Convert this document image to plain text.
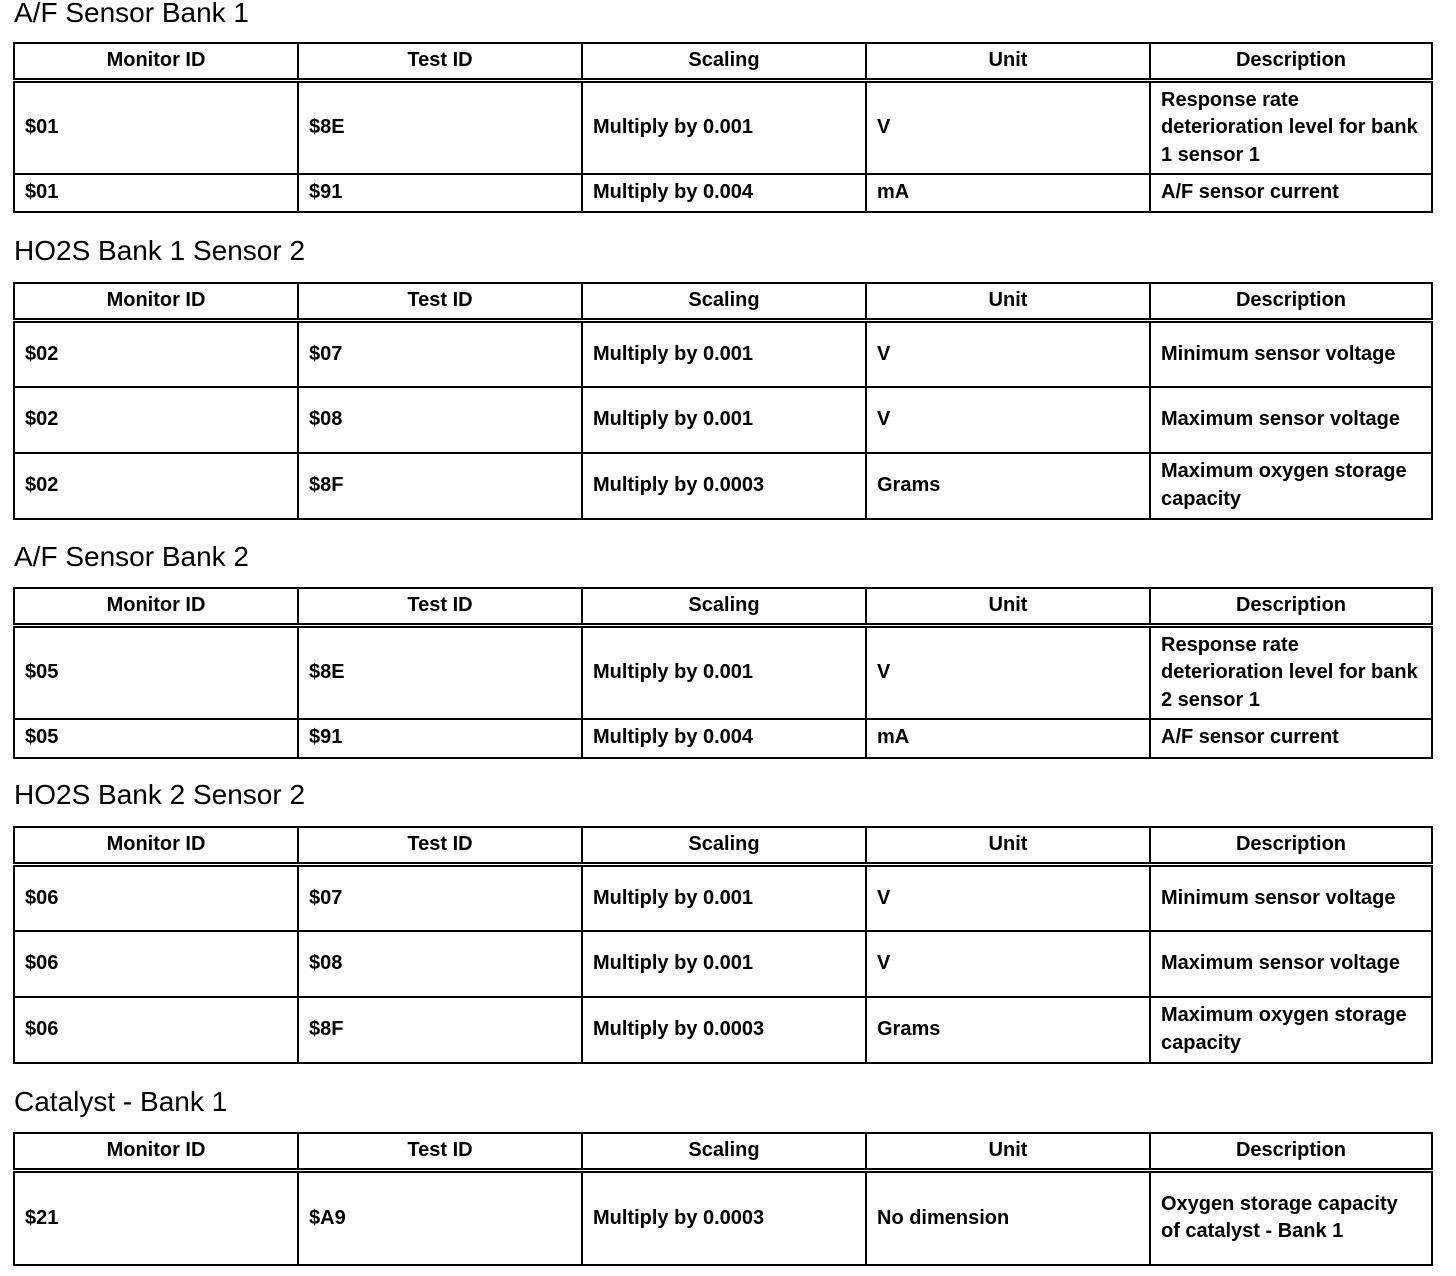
A/F Sensor Bank 1
Monitor ID	Test ID	Scaling	Unit	Description
$01	$8E	Multiply by 0.001	V	Response rate deterioration level for bank 1 sensor 1
$01	$91	Multiply by 0.004	mA	A/F sensor current
HO2S Bank 1 Sensor 2
Monitor ID	Test ID	Scaling	Unit	Description
$02	$07	Multiply by 0.001	V	Minimum sensor voltage
$02	$08	Multiply by 0.001	V	Maximum sensor voltage
$02	$8F	Multiply by 0.0003	Grams	Maximum oxygen storage capacity
A/F Sensor Bank 2
Monitor ID	Test ID	Scaling	Unit	Description
$05	$8E	Multiply by 0.001	V	Response rate deterioration level for bank 2 sensor 1
$05	$91	Multiply by 0.004	mA	A/F sensor current
HO2S Bank 2 Sensor 2
Monitor ID	Test ID	Scaling	Unit	Description
$06	$07	Multiply by 0.001	V	Minimum sensor voltage
$06	$08	Multiply by 0.001	V	Maximum sensor voltage
$06	$8F	Multiply by 0.0003	Grams	Maximum oxygen storage capacity
Catalyst - Bank 1
Monitor ID	Test ID	Scaling	Unit	Description
$21	$A9	Multiply by 0.0003	No dimension	Oxygen storage capacity of catalyst - Bank 1
